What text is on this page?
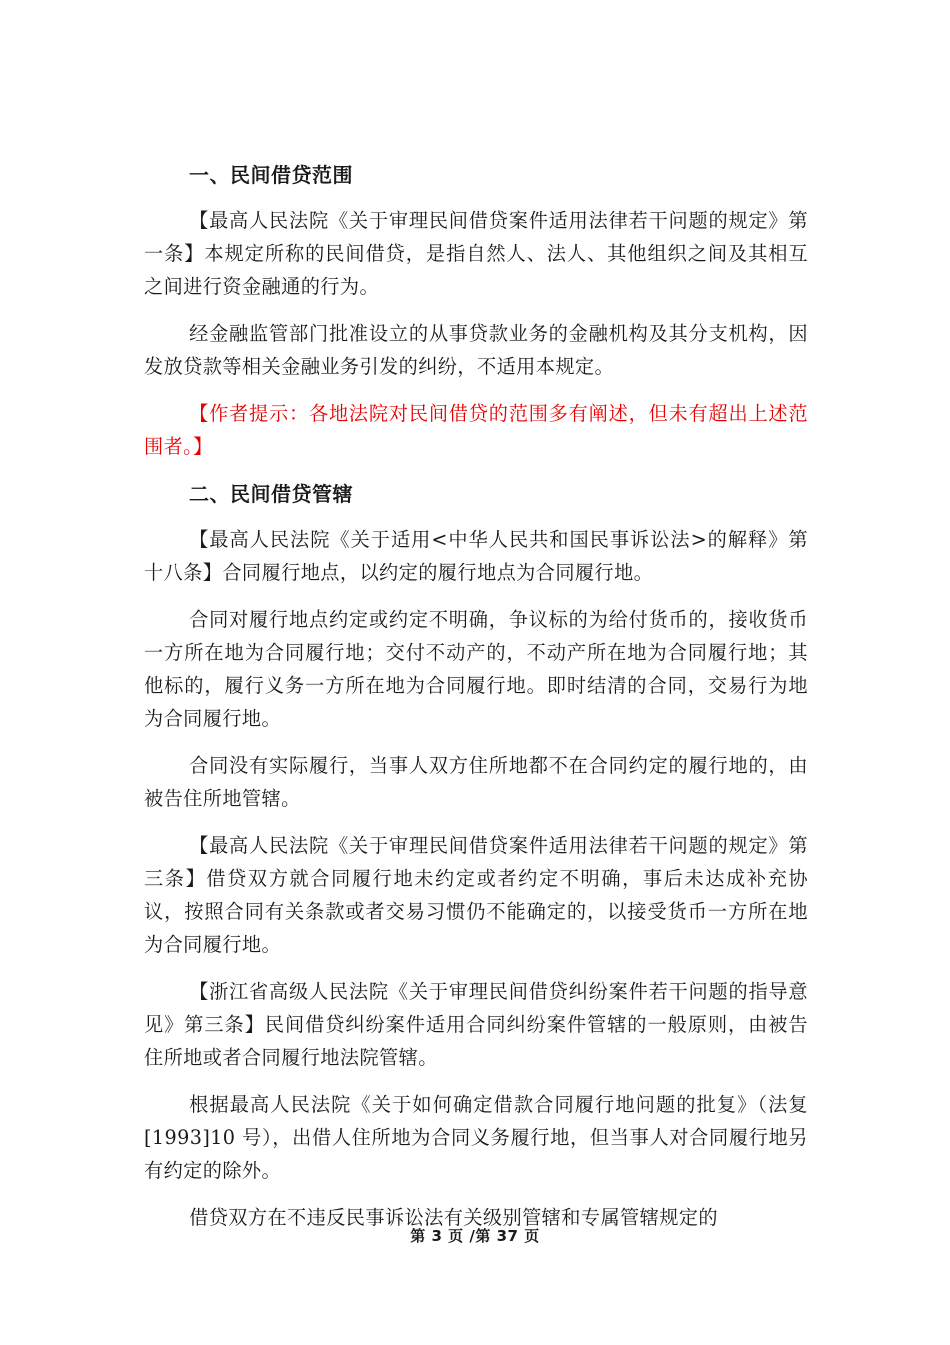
一、民间借贷范围

【最高人民法院《关于审理民间借贷案件适用法律若干问题的规定》第一条】本规定所称的民间借贷，是指自然人、法人、其他组织之间及其相互之间进行资金融通的行为。

经金融监管部门批准设立的从事贷款业务的金融机构及其分支机构，因发放贷款等相关金融业务引发的纠纷，不适用本规定。

【作者提示：各地法院对民间借贷的范围多有阐述，但未有超出上述范围者。】

二、民间借贷管辖

【最高人民法院《关于适用<中华人民共和国民事诉讼法>的解释》第十八条】合同履行地点，以约定的履行地点为合同履行地。

合同对履行地点约定或约定不明确，争议标的为给付货币的，接收货币一方所在地为合同履行地；交付不动产的，不动产所在地为合同履行地；其他标的，履行义务一方所在地为合同履行地。即时结清的合同，交易行为地为合同履行地。

合同没有实际履行，当事人双方住所地都不在合同约定的履行地的，由被告住所地管辖。

【最高人民法院《关于审理民间借贷案件适用法律若干问题的规定》第三条】借贷双方就合同履行地未约定或者约定不明确，事后未达成补充协议，按照合同有关条款或者交易习惯仍不能确定的，以接受货币一方所在地为合同履行地。

【浙江省高级人民法院《关于审理民间借贷纠纷案件若干问题的指导意见》第三条】民间借贷纠纷案件适用合同纠纷案件管辖的一般原则，由被告住所地或者合同履行地法院管辖。

根据最高人民法院《关于如何确定借款合同履行地问题的批复》（法复[1993]10 号），出借人住所地为合同义务履行地，但当事人对合同履行地另有约定的除外。

借贷双方在不违反民事诉讼法有关级别管辖和专属管辖规定的

第 3 页 /第 37 页
